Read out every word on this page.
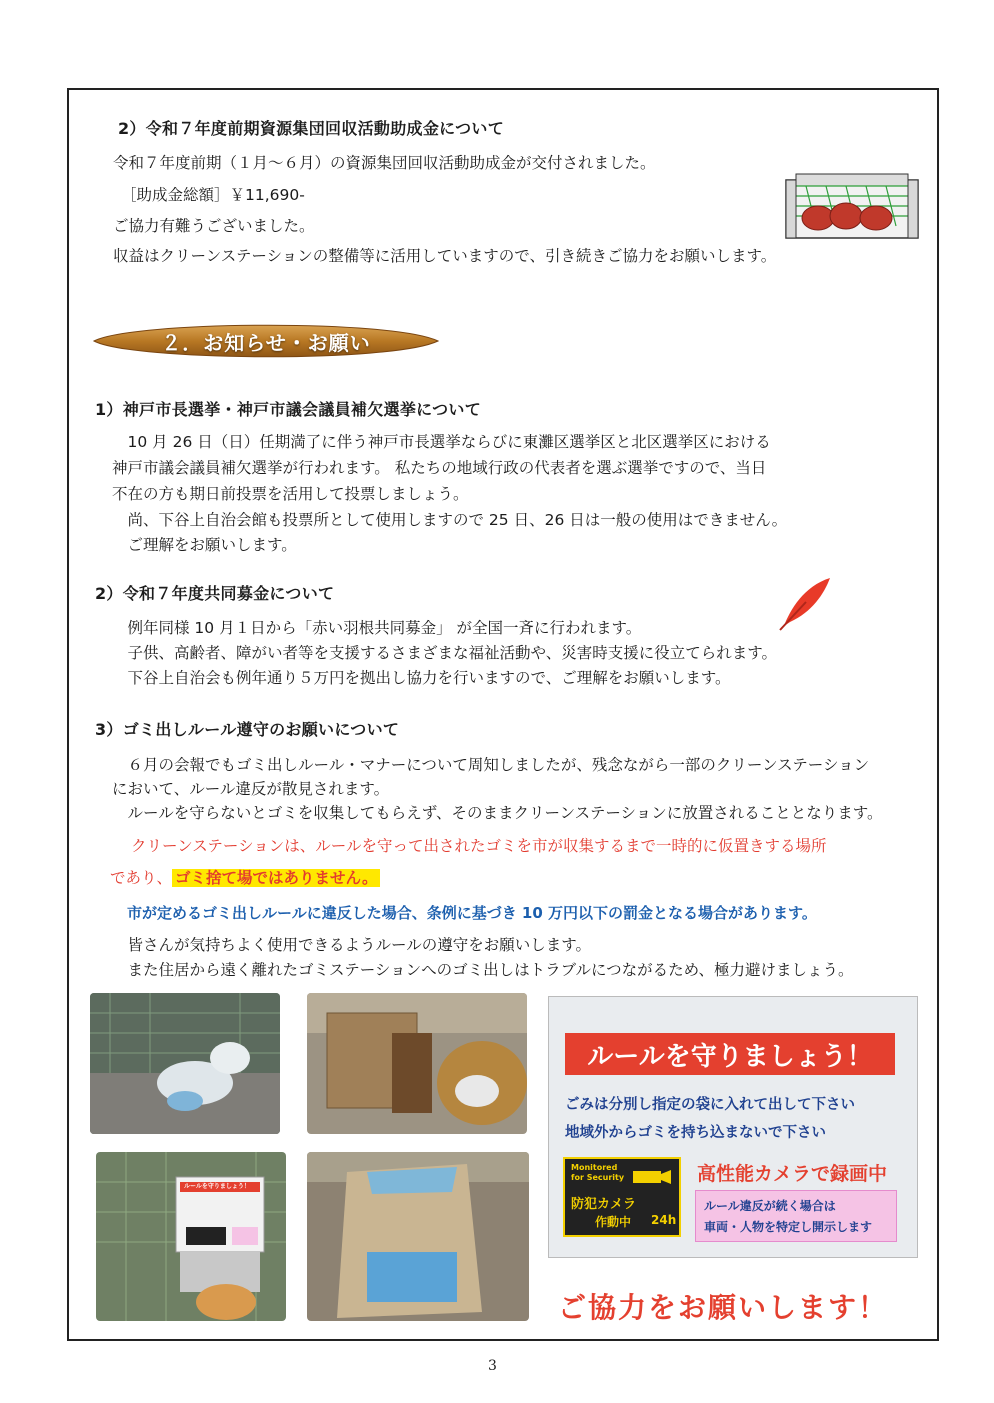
2）令和７年度前期資源集団回収活動助成金について
令和７年度前期（１月～６月）の資源集団回収活動助成金が交付されました。
［助成金総額］￥11,690-
ご協力有難うございました。
収益はクリーンステーションの整備等に活用していますので、引き続きご協力をお願いします。
２．お知らせ・お願い
1）神戸市長選挙・神戸市議会議員補欠選挙について
　10 月 26 日（日）任期満了に伴う神戸市長選挙ならびに東灘区選挙区と北区選挙区における
神戸市議会議員補欠選挙が行われます。 私たちの地域行政の代表者を選ぶ選挙ですので、当日
不在の方も期日前投票を活用して投票しましょう。
　尚、下谷上自治会館も投票所として使用しますので 25 日、26 日は一般の使用はできません。
　ご理解をお願いします。
2）令和７年度共同募金について
　例年同様 10 月１日から「赤い羽根共同募金」 が全国一斉に行われます。
　子供、高齢者、障がい者等を支援するさまざまな福祉活動や、災害時支援に役立てられます。
　下谷上自治会も例年通り５万円を拠出し協力を行いますので、ご理解をお願いします。
3）ゴミ出しルール遵守のお願いについて
　６月の会報でもゴミ出しルール・マナーについて周知しましたが、残念ながら一部のクリーンステーション
において、ルール違反が散見されます。
　ルールを守らないとゴミを収集してもらえず、そのままクリーンステーションに放置されることとなります。
クリーンステーションは、ルールを守って出されたゴミを市が収集するまで一時的に仮置きする場所
であり、 ゴミ捨て場ではありません。
市が定めるゴミ出しルールに違反した場合、条例に基づき 10 万円以下の罰金となる場合があります。
　皆さんが気持ちよく使用できるようルールの遵守をお願いします。
　また住居から遠く離れたゴミステーションへのゴミ出しはトラブルにつながるため、極力避けましょう。
ルールを守りましょう！
ルールを守りましょう！
ごみは分別し指定の袋に入れて出して下さい
地域外からゴミを持ち込まないで下さい
Monitored
for Security
防犯カメラ
作動中 24h
高性能カメラで録画中
ルール違反が続く場合は
車両・人物を特定し開示します
ご協力をお願いします！
3
